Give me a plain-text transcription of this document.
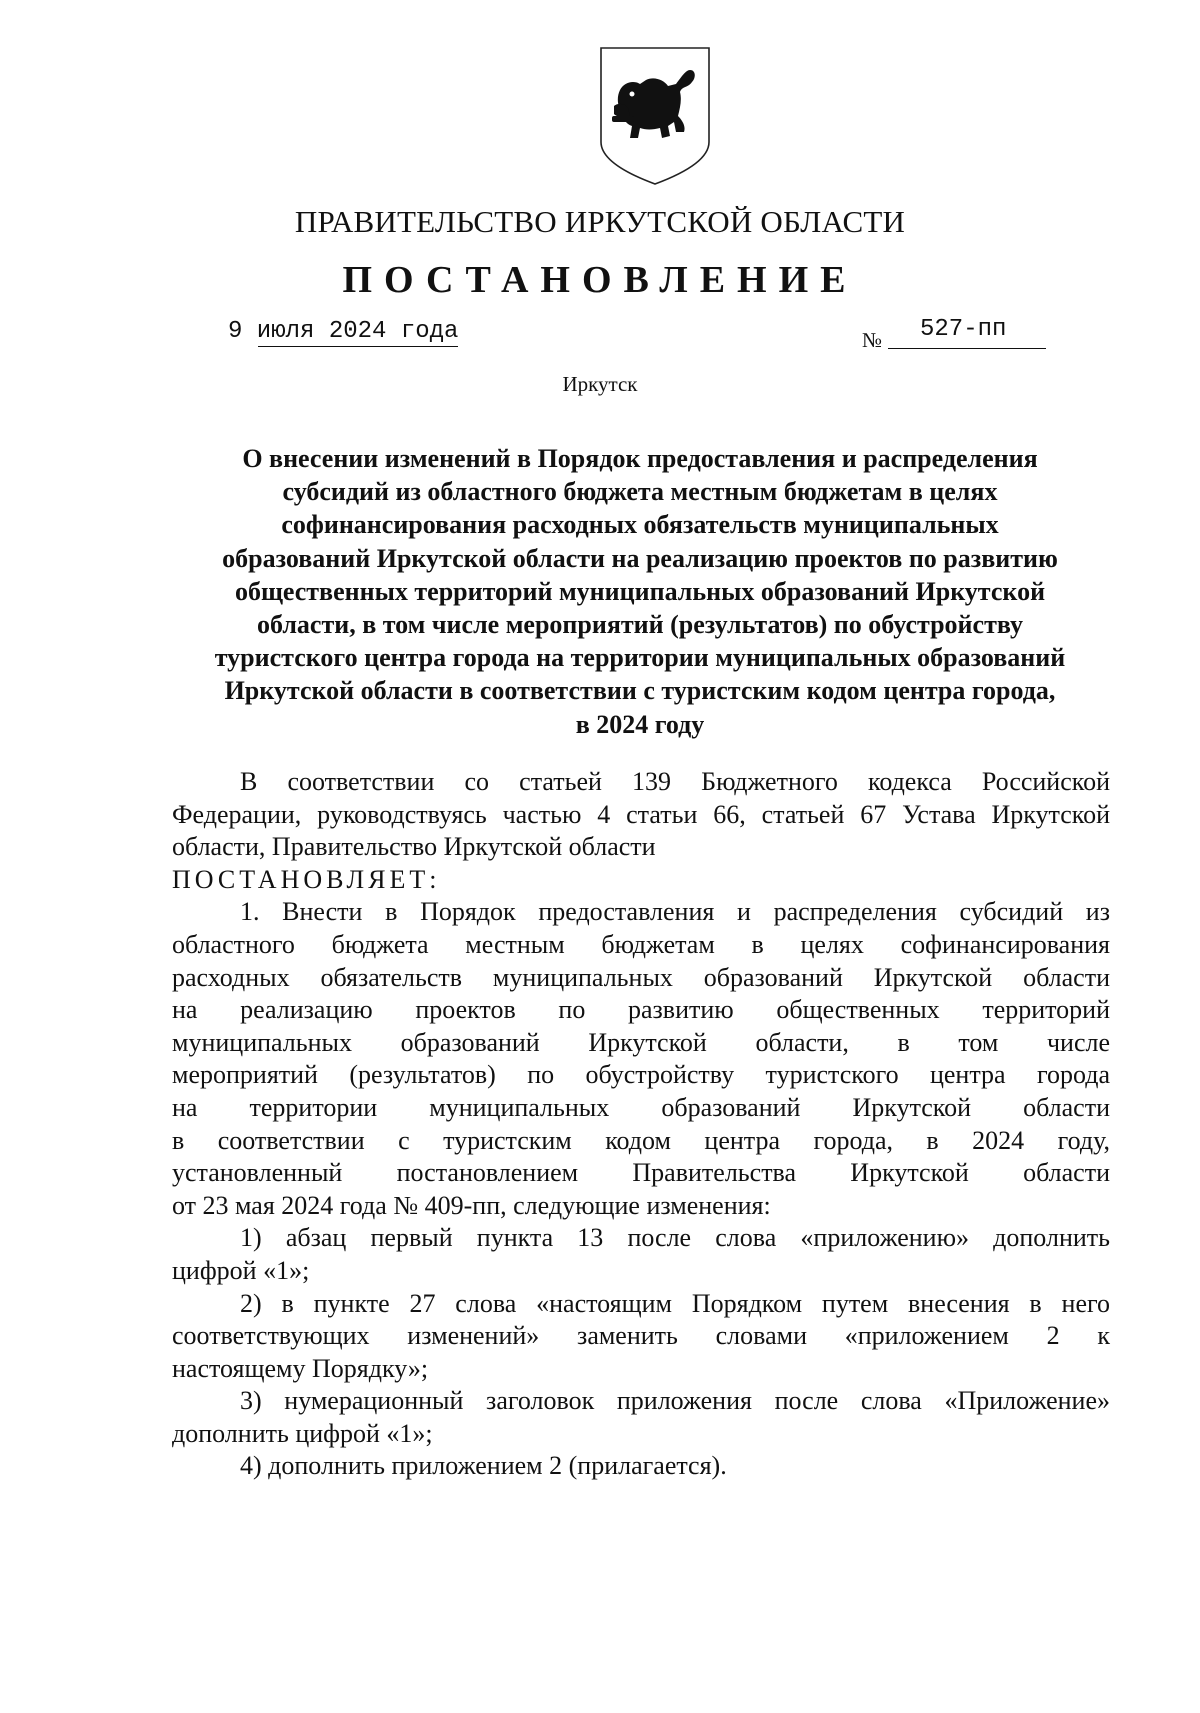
ПРАВИТЕЛЬСТВО ИРКУТСКОЙ ОБЛАСТИ
ПОСТАНОВЛЕНИЕ
9 июля 2024 года	№ 527-пп
Иркутск
О внесении изменений в Порядок предоставления и распределения
субсидий из областного бюджета местным бюджетам в целях
софинансирования расходных обязательств муниципальных
образований Иркутской области на реализацию проектов по развитию
общественных территорий муниципальных образований Иркутской
области, в том числе мероприятий (результатов) по обустройству
туристского центра города на территории муниципальных образований
Иркутской области в соответствии с туристским кодом центра города,
в 2024 году
В соответствии со статьей 139 Бюджетного кодекса Российской
Федерации, руководствуясь частью 4 статьи 66, статьей 67 Устава Иркутской
области, Правительство Иркутской области
ПОСТАНОВЛЯЕТ:
1. Внести в Порядок предоставления и распределения субсидий из
областного бюджета местным бюджетам в целях софинансирования
расходных обязательств муниципальных образований Иркутской области
на реализацию проектов по развитию общественных территорий
муниципальных образований Иркутской области, в том числе
мероприятий (результатов) по обустройству туристского центра города
на территории муниципальных образований Иркутской области
в соответствии с туристским кодом центра города, в 2024 году,
установленный постановлением Правительства Иркутской области
от 23 мая 2024 года № 409-пп, следующие изменения:
1) абзац первый пункта 13 после слова «приложению» дополнить
цифрой «1»;
2) в пункте 27 слова «настоящим Порядком путем внесения в него
соответствующих изменений» заменить словами «приложением 2 к
настоящему Порядку»;
3) нумерационный заголовок приложения после слова «Приложение»
дополнить цифрой «1»;
4) дополнить приложением 2 (прилагается).
